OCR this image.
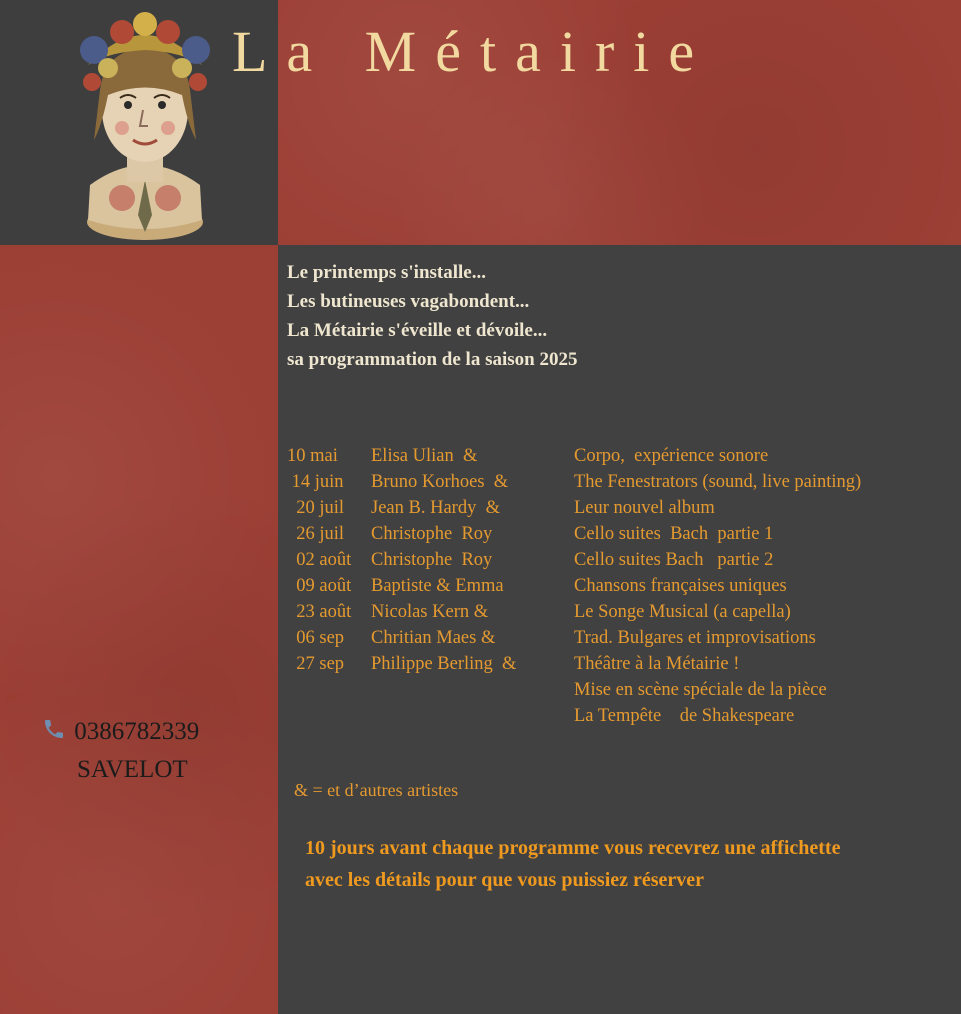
La Métairie
Le printemps s'installe...
Les butineuses vagabondent...
La Métairie s'éveille et dévoile...
sa programmation de la saison 2025
10 mai Elisa Ulian  &	Corpo,  expérience sonore
14 juin Bruno Korhoes  &	The Fenestrators (sound, live painting)
20 juil Jean B. Hardy  &	Leur nouvel album
26 juil Christophe  Roy	Cello suites  Bach  partie 1
02 août Christophe  Roy	Cello suites Bach   partie 2
09 août Baptiste & Emma	Chansons françaises uniques
23 août Nicolas Kern &	Le Songe Musical (a capella)
06 sep Chritian Maes &	Trad. Bulgares et improvisations
27 sep Philippe Berling  &	Théâtre à la Métairie !
Mise en scène spéciale de la pièce
La Tempête    de Shakespeare
& = et d’autres artistes
10 jours avant chaque programme vous recevrez une affichette
avec les détails pour que vous puissiez réserver
0386782339
SAVELOT
